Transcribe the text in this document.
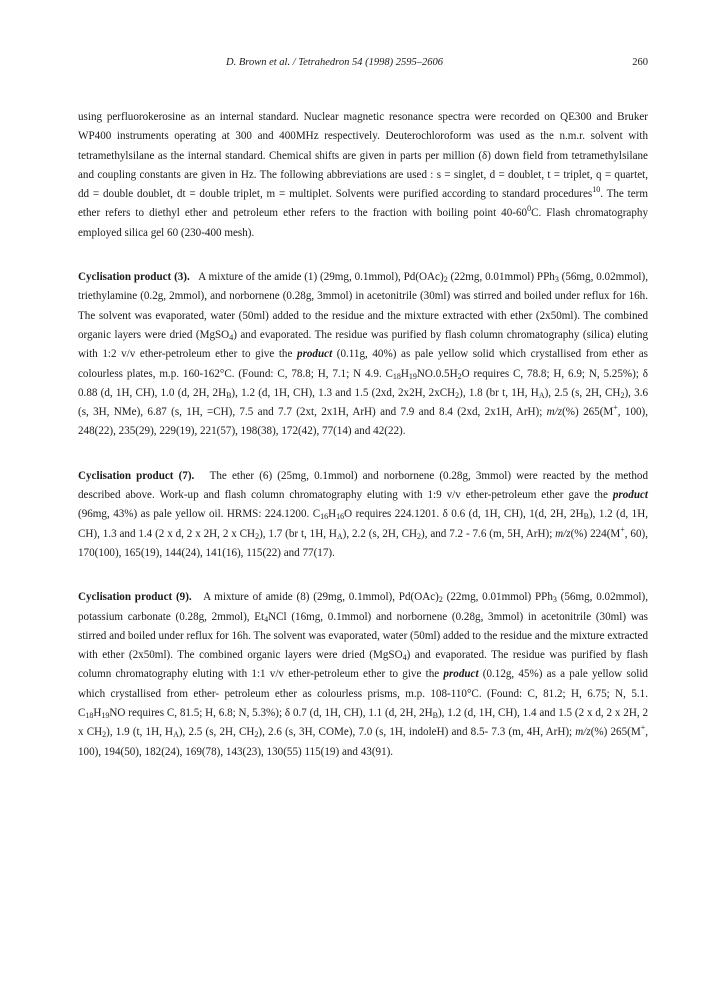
D. Brown et al. / Tetrahedron 54 (1998) 2595–2606	260

using perfluorokerosine as an internal standard. Nuclear magnetic resonance spectra were recorded on QE300 and Bruker WP400 instruments operating at 300 and 400MHz respectively. Deuterochloroform was used as the n.m.r. solvent with tetramethylsilane as the internal standard. Chemical shifts are given in parts per million (δ) down field from tetramethylsilane and coupling constants are given in Hz. The following abbreviations are used : s = singlet, d = doublet, t = triplet, q = quartet, dd = double doublet, dt = double triplet, m = multiplet. Solvents were purified according to standard procedures$^{10}$. The term ether refers to diethyl ether and petroleum ether refers to the fraction with boiling point $40-60^0C$. Flash chromatography employed silica gel 60 (230-400 mesh).

Cyclisation product (3). A mixture of the amide (1) (29mg, 0.1mmol), $Pd(OAc)_2$ (22mg, 0.01mmol) PPh$_3$ (56mg, 0.02mmol), triethylamine (0.2g, 2mmol), and norbornene (0.28g, 3mmol) in acetonitrile (30ml) was stirred and boiled under reflux for 16h. The solvent was evaporated, water (50ml) added to the residue and the mixture extracted with ether (2x50ml). The combined organic layers were dried (MgSO$_4$) and evaporated. The residue was purified by flash column chromatography (silica) eluting with 1:2 v/v ether-petroleum ether to give the product (0.11g, 40%) as pale yellow solid which crystallised from ether as colourless plates, m.p. 160-162°C. (Found: C, 78.8; H, 7.1; N 4.9. $C_{18}H_{19}NO.0.5H_2O$ requires C, 78.8; H, 6.9; N, 5.25%); δ 0.88 (d, 1H, CH), 1.0 (d, 2H, $2H_B$), 1.2 (d, 1H, CH), 1.3 and 1.5 (2xd, 2x2H, 2xCH$_2$), 1.8 (br t, 1H, $H_A$), 2.5 (s, 2H, $CH_2$), 3.6 (s, 3H, NMe), 6.87 (s, 1H, =CH), 7.5 and 7.7 (2xt, 2x1H, ArH) and 7.9 and 8.4 (2xd, 2x1H, ArH); m/z(%) 265(M+, 100), 248(22), 235(29), 229(19), 221(57), 198(38), 172(42), 77(14) and 42(22).

Cyclisation product (7). The ether (6) (25mg, 0.1mmol) and norbornene (0.28g, 3mmol) were reacted by the method described above. Work-up and flash column chromatography eluting with 1:9 v/v ether-petroleum ether gave the product (96mg, 43%) as pale yellow oil. HRMS: 224.1200. $C_{16}H_{16}O$ requires 224.1201. δ 0.6 (d, 1H, CH), 1(d, 2H, $2H_B$), 1.2 (d, 1H, CH), 1.3 and 1.4 (2 x d, 2 x 2H, 2 x $CH_2$), 1.7 (br t, 1H, $H_A$), 2.2 (s, 2H, $CH_2$), and 7.2 - 7.6 (m, 5H, ArH); m/z(%) 224(M+, 60), 170(100), 165(19), 144(24), 141(16), 115(22) and 77(17).

Cyclisation product (9). A mixture of amide (8) (29mg, 0.1mmol), $Pd(OAc)_2$ (22mg, 0.01mmol) PPh$_3$ (56mg, 0.02mmol), potassium carbonate (0.28g, 2mmol), $Et_4NCl$ (16mg, 0.1mmol) and norbornene (0.28g, 3mmol) in acetonitrile (30ml) was stirred and boiled under reflux for 16h. The solvent was evaporated, water (50ml) added to the residue and the mixture extracted with ether (2x50ml). The combined organic layers were dried (MgSO$_4$) and evaporated. The residue was purified by flash column chromatography eluting with 1:1 v/v ether-petroleum ether to give the product (0.12g, 45%) as a pale yellow solid which crystallised from ether- petroleum ether as colourless prisms, m.p. 108-110°C. (Found: C, 81.2; H, 6.75; N, 5.1. $C_{18}H_{19}NO$ requires C, 81.5; H, 6.8; N, 5.3%); δ 0.7 (d, 1H, CH), 1.1 (d, 2H, $2H_B$), 1.2 (d, 1H, CH), 1.4 and 1.5 (2 x d, 2 x 2H, 2 x $CH_2$), 1.9 (t, 1H, $H_A$), 2.5 (s, 2H, $CH_2$), 2.6 (s, 3H, COMe), 7.0 (s, 1H, indoleH) and 8.5- 7.3 (m, 4H, ArH); m/z(%) 265(M+, 100), 194(50), 182(24), 169(78), 143(23), 130(55) 115(19) and 43(91).
